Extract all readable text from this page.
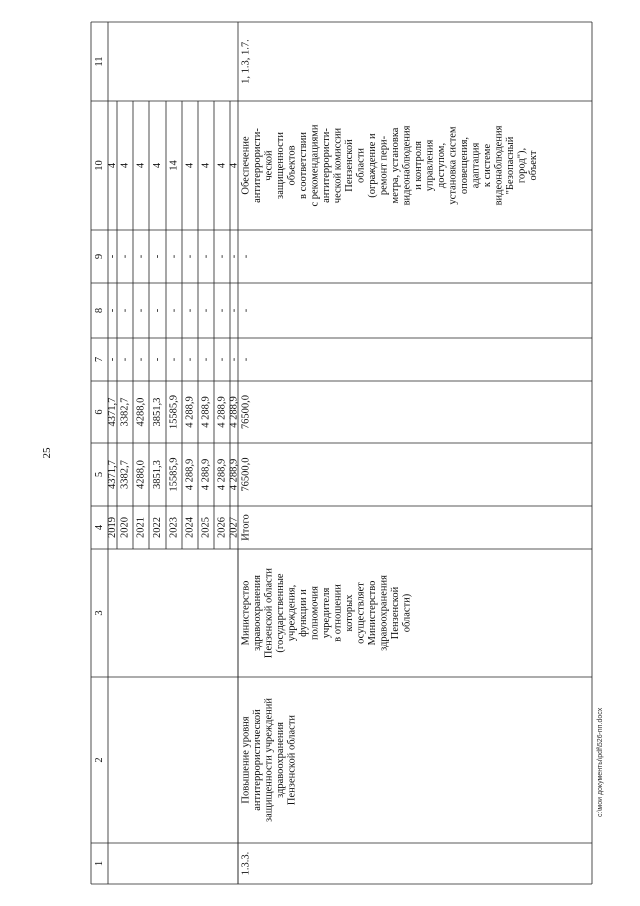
25
c:\мои документы\pdf\526-пп.docx
1
2
3
4
5
6
7
8
9
10
11
2019
4371,7
4371,7
-
-
-
4
2020
3382,7
3382,7
-
-
-
4
2021
4288,0
4288,0
-
-
-
4
2022
3851,3
3851,3
-
-
-
4
2023
15585,9
15585,9
-
-
-
14
2024
4 288,9
4 288,9
-
-
-
4
2025
4 288,9
4 288,9
-
-
-
4
2026
4 288,9
4 288,9
-
-
-
4
2027
4 288,9
4 288,9
-
-
-
4
Итого
76500,0
76500,0
-
-
-
1.3.3.
Повышение уровня антитеррористической защищенности учреждений здравоохранения Пензенской области
Министерство здравоохранения Пензенской области (государственные учреждения, функции и полномочия учредителя в отношении которых осуществляет Министерство здравоохранения Пензенской области)
Обеспечение антитеррористи- ческой защищенности объектов в соответствии с рекомендациями антитеррористи- ческой комиссии Пензенской области (ограждение и ремонт пери- метра, установка видеонаблюдения и контроля управления доступом, установка систем оповещения, адаптация к системе видеонаблюдения "Безопасный город"), объект
1, 1.3, 1.7.
